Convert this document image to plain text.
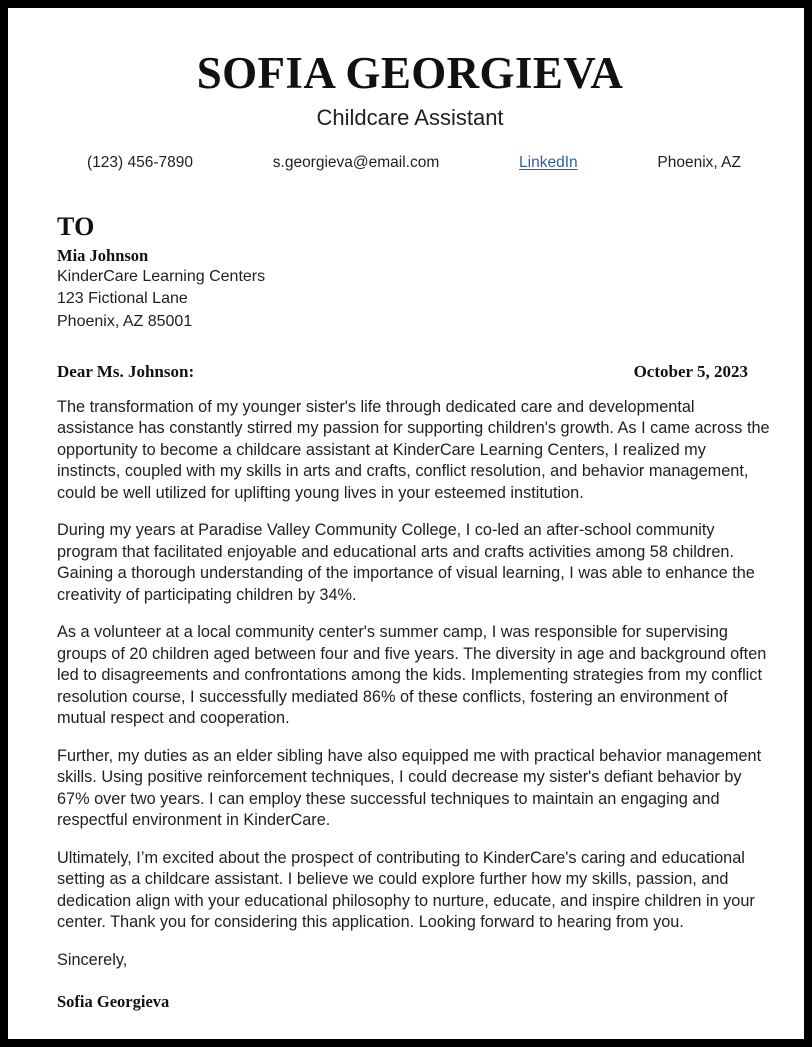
SOFIA GEORGIEVA
Childcare Assistant
(123) 456-7890	s.georgieva@email.com	LinkedIn	Phoenix, AZ
TO
Mia Johnson
KinderCare Learning Centers
123 Fictional Lane
Phoenix, AZ 85001
Dear Ms. Johnson:	October 5, 2023

The transformation of my younger sister's life through dedicated care and developmental assistance has constantly stirred my passion for supporting children's growth. As I came across the opportunity to become a childcare assistant at KinderCare Learning Centers, I realized my instincts, coupled with my skills in arts and crafts, conflict resolution, and behavior management, could be well utilized for uplifting young lives in your esteemed institution.

During my years at Paradise Valley Community College, I co-led an after-school community program that facilitated enjoyable and educational arts and crafts activities among 58 children. Gaining a thorough understanding of the importance of visual learning, I was able to enhance the creativity of participating children by 34%.

As a volunteer at a local community center's summer camp, I was responsible for supervising groups of 20 children aged between four and five years. The diversity in age and background often led to disagreements and confrontations among the kids. Implementing strategies from my conflict resolution course, I successfully mediated 86% of these conflicts, fostering an environment of mutual respect and cooperation.

Further, my duties as an elder sibling have also equipped me with practical behavior management skills. Using positive reinforcement techniques, I could decrease my sister's defiant behavior by 67% over two years. I can employ these successful techniques to maintain an engaging and respectful environment in KinderCare.

Ultimately, I’m excited about the prospect of contributing to KinderCare's caring and educational setting as a childcare assistant. I believe we could explore further how my skills, passion, and dedication align with your educational philosophy to nurture, educate, and inspire children in your center. Thank you for considering this application. Looking forward to hearing from you.

Sincerely,
Sofia Georgieva
